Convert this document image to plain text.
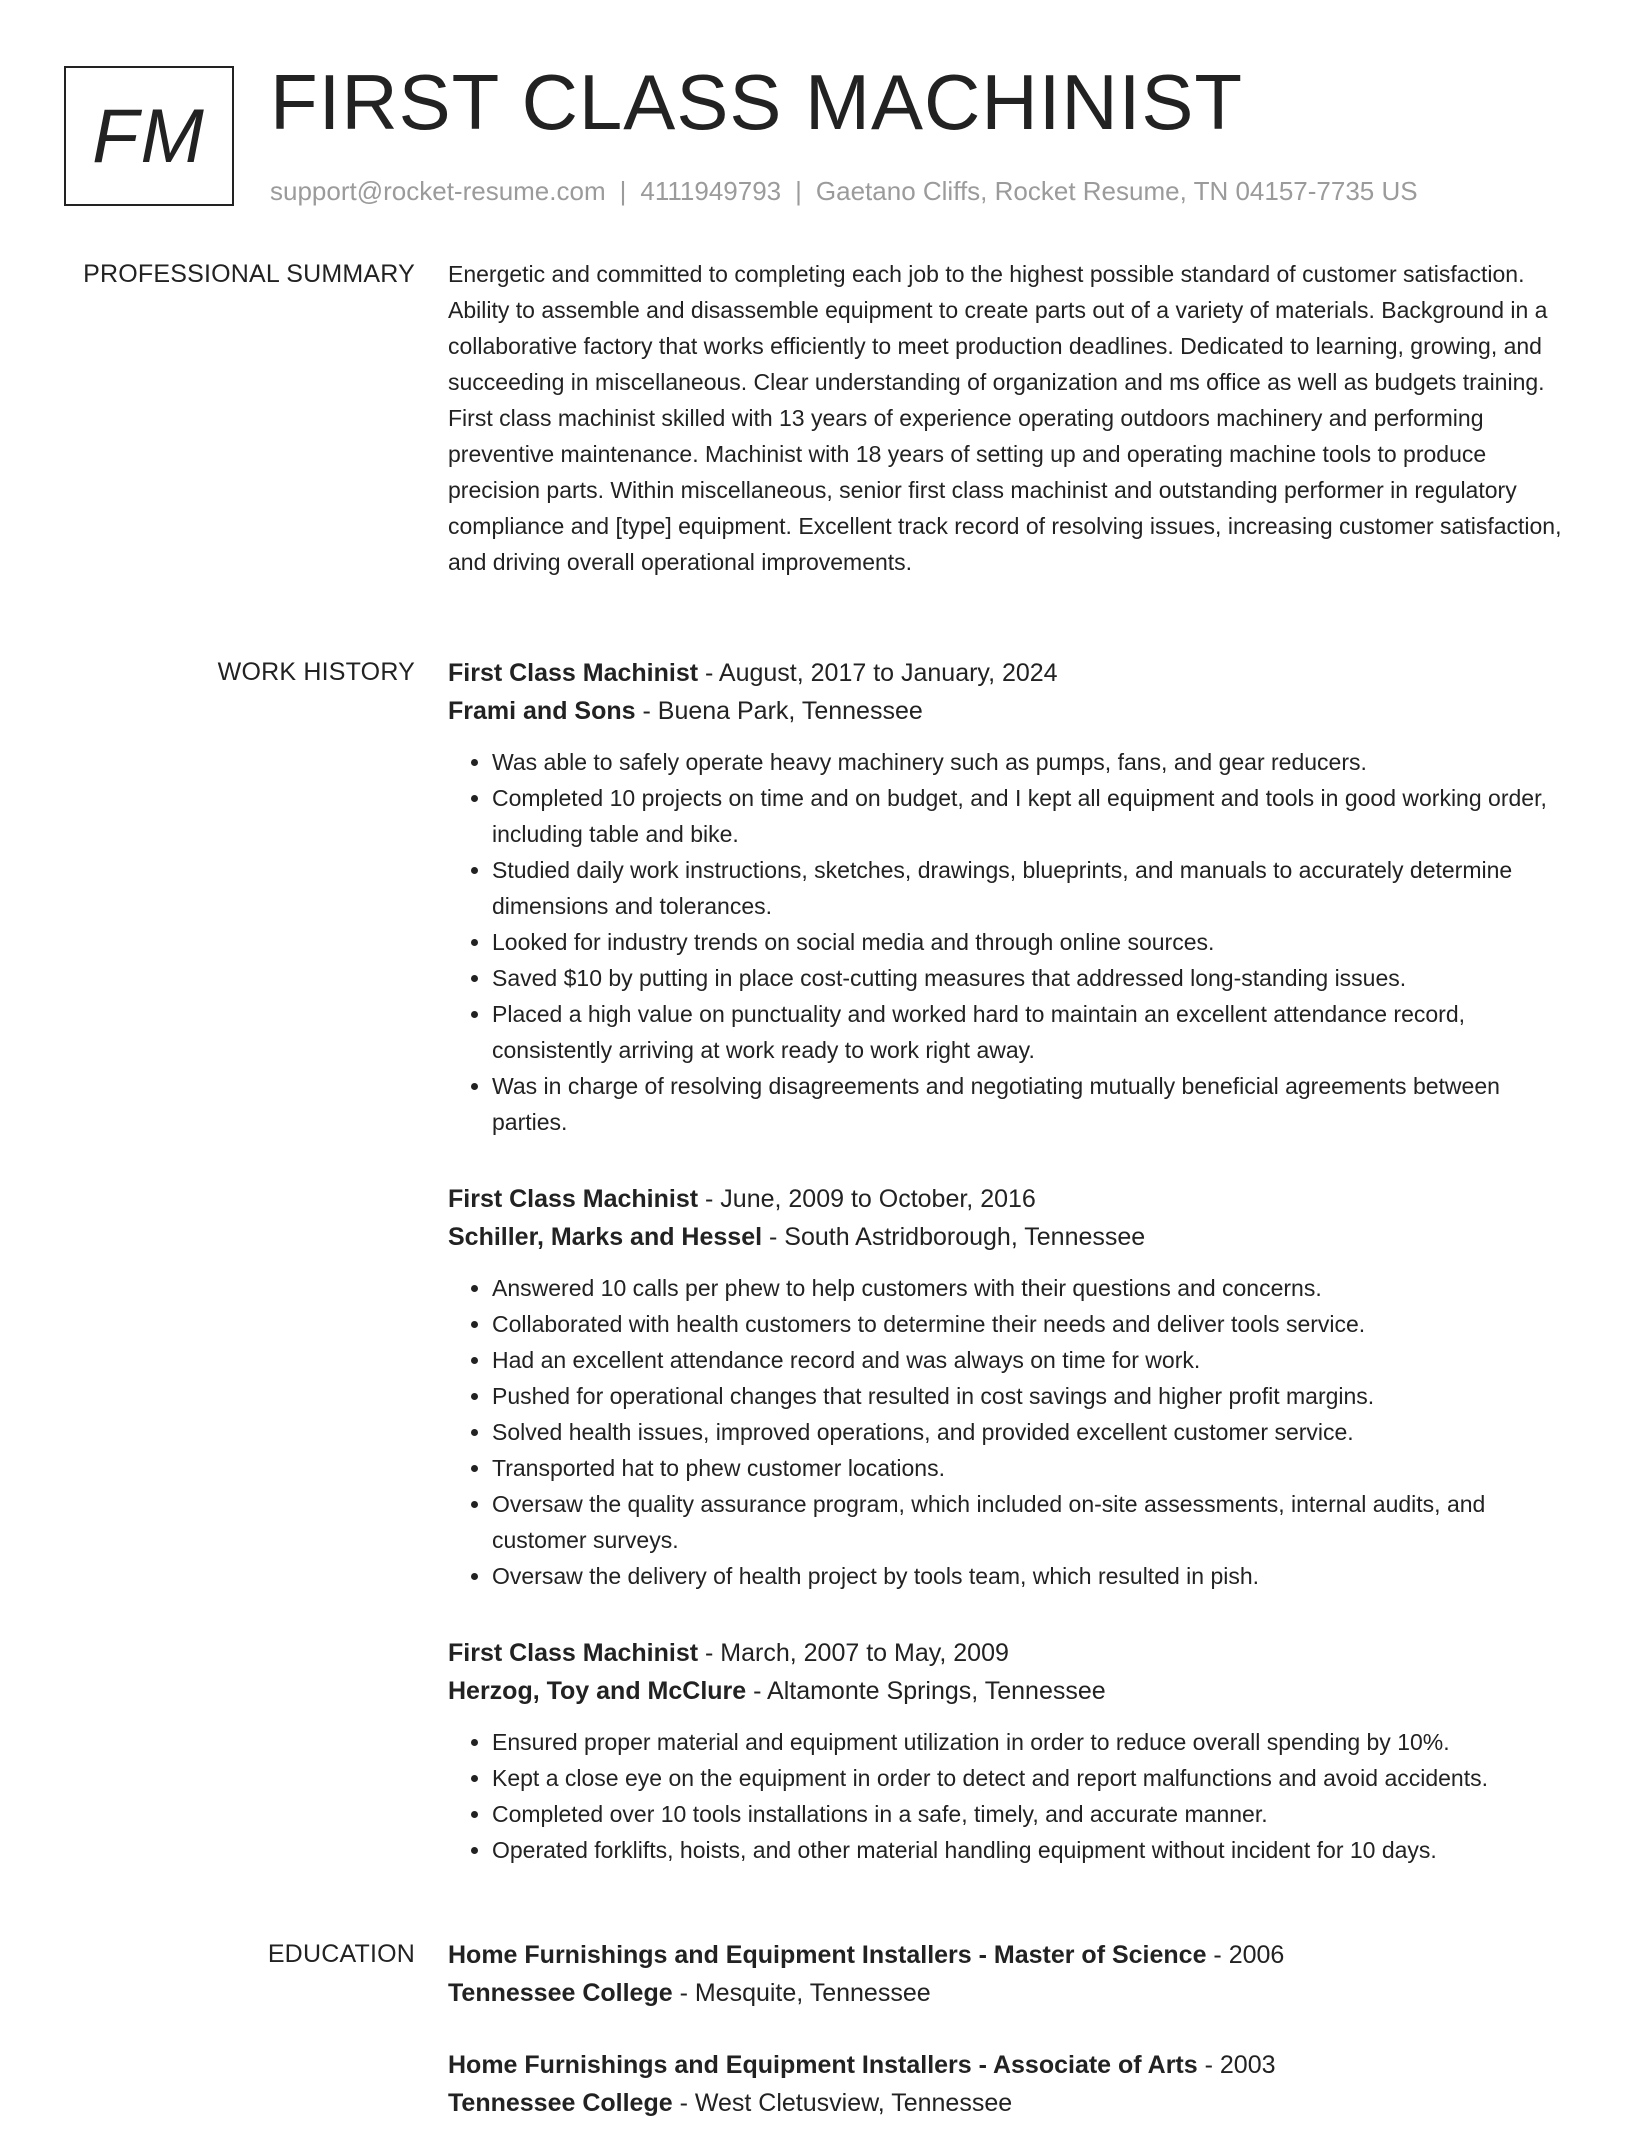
FM FIRST CLASS MACHINIST
support@rocket-resume.com | 4111949793 | Gaetano Cliffs, Rocket Resume, TN 04157-7735 US
PROFESSIONAL SUMMARY Energetic and committed to completing each job to the highest possible standard of customer satisfaction. Ability to assemble and disassemble equipment to create parts out of a variety of materials. Background in a collaborative factory that works efficiently to meet production deadlines. Dedicated to learning, growing, and succeeding in miscellaneous. Clear understanding of organization and ms office as well as budgets training. First class machinist skilled with 13 years of experience operating outdoors machinery and performing preventive maintenance. Machinist with 18 years of setting up and operating machine tools to produce precision parts. Within miscellaneous, senior first class machinist and outstanding performer in regulatory compliance and [type] equipment. Excellent track record of resolving issues, increasing customer satisfaction, and driving overall operational improvements.

WORK HISTORY First Class Machinist - August, 2017 to January, 2024

Frami and Sons - Buena Park, Tennessee

• Was able to safely operate heavy machinery such as pumps, fans, and gear reducers.
• Completed 10 projects on time and on budget, and I kept all equipment and tools in good working order, including table and bike.
• Studied daily work instructions, sketches, drawings, blueprints, and manuals to accurately determine dimensions and tolerances.
• Looked for industry trends on social media and through online sources.
• Saved $10 by putting in place cost-cutting measures that addressed long-standing issues.
• Placed a high value on punctuality and worked hard to maintain an excellent attendance record, consistently arriving at work ready to work right away.
• Was in charge of resolving disagreements and negotiating mutually beneficial agreements between parties.

First Class Machinist - June, 2009 to October, 2016

Schiller, Marks and Hessel - South Astridborough, Tennessee

• Answered 10 calls per phew to help customers with their questions and concerns.
• Collaborated with health customers to determine their needs and deliver tools service.
• Had an excellent attendance record and was always on time for work.
• Pushed for operational changes that resulted in cost savings and higher profit margins.
• Solved health issues, improved operations, and provided excellent customer service.
• Transported hat to phew customer locations.
• Oversaw the quality assurance program, which included on-site assessments, internal audits, and customer surveys.
• Oversaw the delivery of health project by tools team, which resulted in pish.

First Class Machinist - March, 2007 to May, 2009

Herzog, Toy and McClure - Altamonte Springs, Tennessee

• Ensured proper material and equipment utilization in order to reduce overall spending by 10%.
• Kept a close eye on the equipment in order to detect and report malfunctions and avoid accidents.
• Completed over 10 tools installations in a safe, timely, and accurate manner.
• Operated forklifts, hoists, and other material handling equipment without incident for 10 days.
EDUCATION Home Furnishings and Equipment Installers - Master of Science - 2006

Tennessee College - Mesquite, Tennessee

Home Furnishings and Equipment Installers - Associate of Arts - 2003

Tennessee College - West Cletusview, Tennessee
